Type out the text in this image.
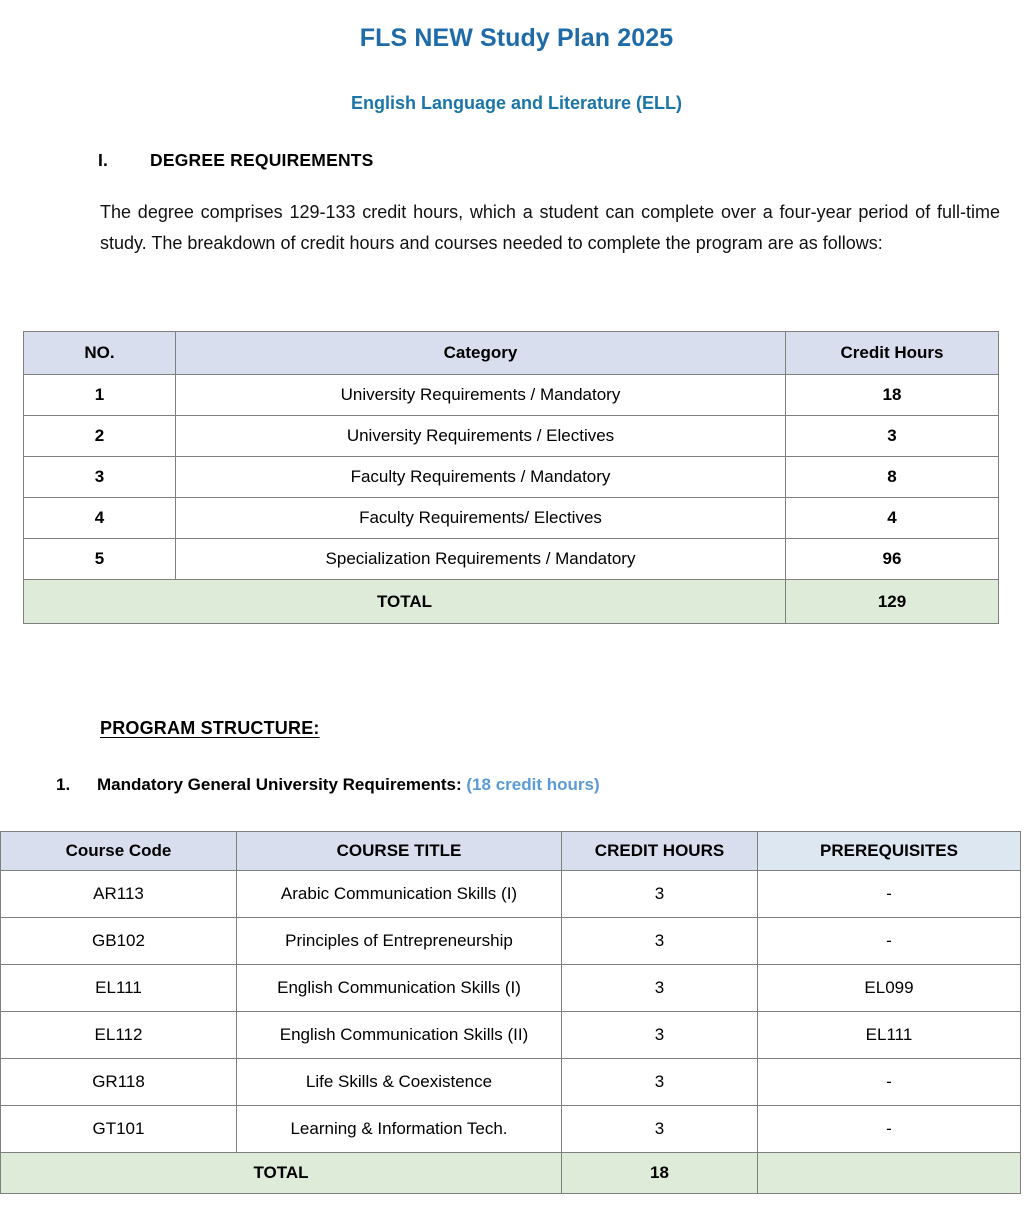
FLS NEW Study Plan 2025
English Language and Literature (ELL)
I. DEGREE REQUIREMENTS

The degree comprises 129-133 credit hours, which a student can complete over a four-year period of full-time study. The breakdown of credit hours and courses needed to complete the program are as follows:

NO.	Category	Credit Hours
1	University Requirements / Mandatory	18
2	University Requirements / Electives	3
3	Faculty Requirements / Mandatory	8
4	Faculty Requirements/ Electives	4
5	Specialization Requirements / Mandatory	96
TOTAL		129
PROGRAM STRUCTURE:
1. Mandatory General University Requirements: (18 credit hours)
Course Code	COURSE TITLE	CREDIT HOURS	PREREQUISITES
AR113	Arabic Communication Skills (I)	3	-
GB102	Principles of Entrepreneurship	3	-
EL111	English Communication Skills (I)	3	EL099
EL112	English Communication Skills (II)	3	EL111
GR118	Life Skills & Coexistence	3	-
GT101	Learning & Information Tech.	3	-
TOTAL		18	
